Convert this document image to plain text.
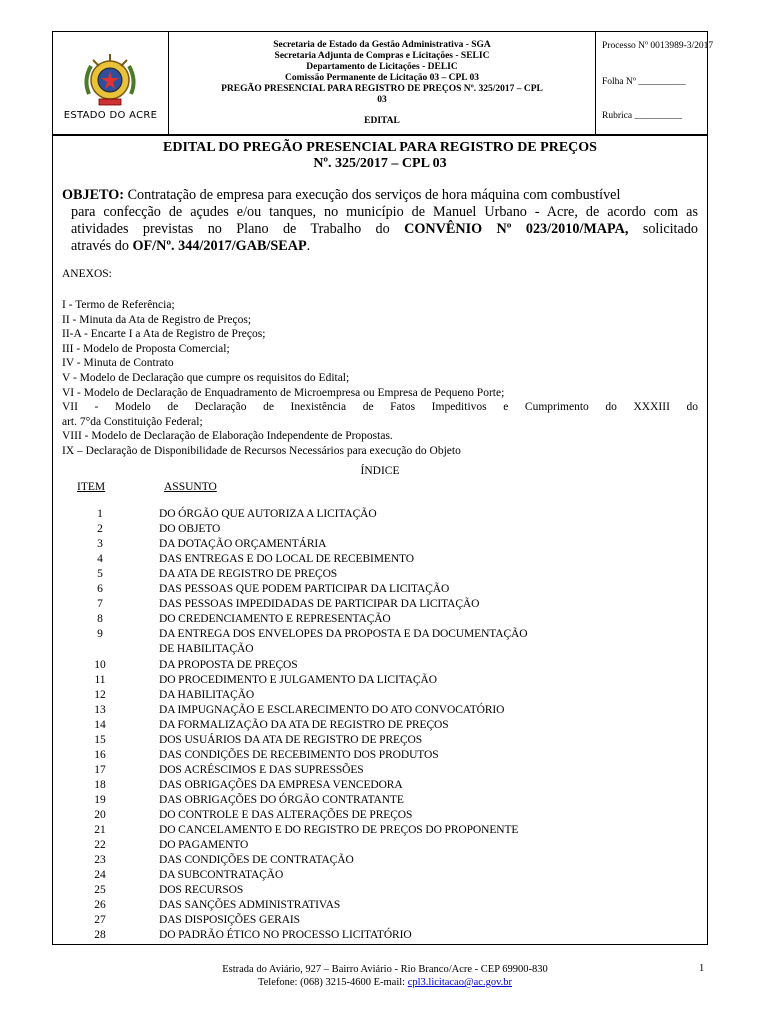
ESTADO DO ACRE
Secretaria de Estado da Gestão Administrativa - SGA
Secretaria Adjunta de Compras e Licitações - SELIC
Departamento de Licitações - DELIC
Comissão Permanente de Licitação 03 – CPL 03
PREGÃO PRESENCIAL PARA REGISTRO DE PREÇOS Nº. 325/2017 – CPL
03
EDITAL
Processo Nº 0013989-3/2017
Folha Nº __________
Rubrica __________
EDITAL DO PREGÃO PRESENCIAL PARA REGISTRO DE PREÇOS
Nº. 325/2017 – CPL 03
OBJETO: Contratação de empresa para execução dos serviços de hora máquina com combustível
para confecção de açudes e/ou tanques, no município de Manuel Urbano - Acre, de acordo com as
atividades previstas no Plano de Trabalho do CONVÊNIO Nº 023/2010/MAPA, solicitado
através do OF/Nº. 344/2017/GAB/SEAP.
ANEXOS:
I - Termo de Referência;
II - Minuta da Ata de Registro de Preços;
II-A - Encarte I a Ata de Registro de Preços;
III - Modelo de Proposta Comercial;
IV - Minuta de Contrato
V - Modelo de Declaração que cumpre os requisitos do Edital;
VI - Modelo de Declaração de Enquadramento de Microempresa ou Empresa de Pequeno Porte;
VII - Modelo de Declaração de Inexistência de Fatos Impeditivos e Cumprimento do XXXIII do
art. 7°da Constituição Federal;
VIII - Modelo de Declaração de Elaboração Independente de Propostas.
IX – Declaração de Disponibilidade de Recursos Necessários para execução do Objeto
ÍNDICE
ITEM	ASSUNTO
1	DO ÓRGÃO QUE AUTORIZA A LICITAÇÃO
2	DO OBJETO
3	DA DOTAÇÃO ORÇAMENTÁRIA
4	DAS ENTREGAS E DO LOCAL DE RECEBIMENTO
5	DA ATA DE REGISTRO DE PREÇOS
6	DAS PESSOAS QUE PODEM PARTICIPAR DA LICITAÇÃO
7	DAS PESSOAS IMPEDIDADAS DE PARTICIPAR DA LICITAÇÃO
8	DO CREDENCIAMENTO E REPRESENTAÇÃO
9	DA ENTREGA DOS ENVELOPES DA PROPOSTA E DA DOCUMENTAÇÃO
DE HABILITAÇÃO
10	DA PROPOSTA DE PREÇOS
11	DO PROCEDIMENTO E JULGAMENTO DA LICITAÇÃO
12	DA HABILITAÇÃO
13	DA IMPUGNAÇÃO E ESCLARECIMENTO DO ATO CONVOCATÓRIO
14	DA FORMALIZAÇÃO DA ATA DE REGISTRO DE PREÇOS
15	DOS USUÁRIOS DA ATA DE REGISTRO DE PREÇOS
16	DAS CONDIÇÕES DE RECEBIMENTO DOS PRODUTOS
17	DOS ACRÉSCIMOS E DAS SUPRESSÕES
18	DAS OBRIGAÇÕES DA EMPRESA VENCEDORA
19	DAS OBRIGAÇÕES DO ÓRGÃO CONTRATANTE
20	DO CONTROLE E DAS ALTERAÇÕES DE PREÇOS
21	DO CANCELAMENTO E DO REGISTRO DE PREÇOS DO PROPONENTE
22	DO PAGAMENTO
23	DAS CONDIÇÕES DE CONTRATAÇÃO
24	DA SUBCONTRATAÇÃO
25	DOS RECURSOS
26	DAS SANÇÕES ADMINISTRATIVAS
27	DAS DISPOSIÇÕES GERAIS
28	DO PADRÃO ÉTICO NO PROCESSO LICITATÓRIO
Estrada do Aviário, 927 – Bairro Aviário - Rio Branco/Acre - CEP 69900-830
Telefone: (068) 3215-4600 E-mail: cpl3.licitacao@ac.gov.br
1
